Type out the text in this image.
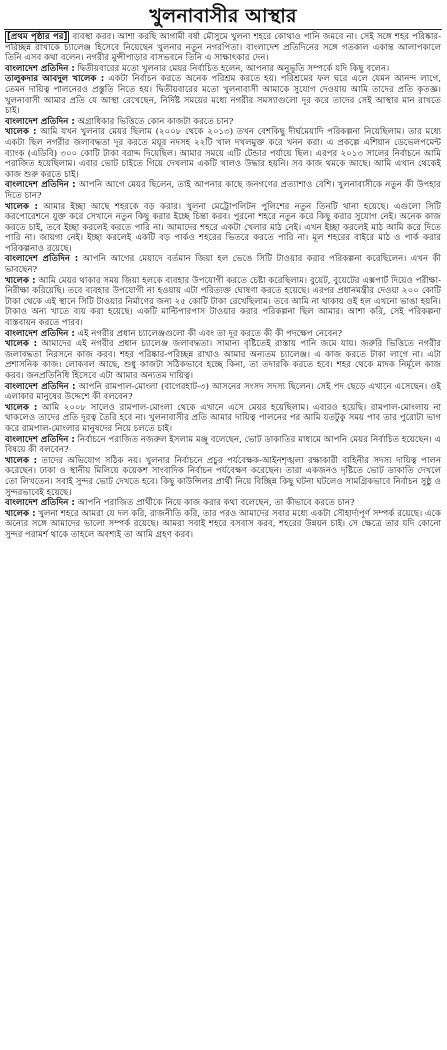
খুলনাবাসীর আস্থার

[প্রথম পৃষ্ঠার পর] ব্যবস্থা করব। আশা করছি আগামী বর্ষা মৌসুমে খুলনা শহরে কোথাও পানি জমবে না। সেই সঙ্গে শহর পরিষ্কার-পরিচ্ছন্ন রাখাকে চ্যালেঞ্জ হিসেবে নিয়েছেন খুলনার নতুন নগরপিতা। বাংলাদেশ প্রতিদিনের সঙ্গে গতকাল একান্ত আলাপকালে তিনি এসব কথা বলেন। নগরীর মুন্সীপাড়ার বাসভবনে তিনি এ সাক্ষাৎকার দেন।

বাংলাদেশ প্রতিদিন : দ্বিতীয়বারের মতো খুলনার মেয়র নির্বাচিত হলেন, আপনার অনুভূতি সম্পর্কে যদি কিছু বলেন।

তালুকদার আবদুল খালেক : একটা নির্বাচন করতে অনেক পরিশ্রম করতে হয়। পরিশ্রমের ফল ঘরে এলে যেমন আনন্দ লাগে, তেমন দায়িত্ব পালনেরও প্রস্তুতি নিতে হয়। দ্বিতীয়বারের মতো খুলনাবাসী আমাকে সুযোগ দেওয়ায় আমি তাদের প্রতি কৃতজ্ঞ। খুলনাবাসী আমার প্রতি যে আস্থা রেখেছেন, নির্দিষ্ট সময়ের মধ্যে নগরীর সমস্যাগুলো দূর করে তাদের সেই আস্থার মান রাখতে চাই।

বাংলাদেশ প্রতিদিন : অগ্রাধিকার ভিত্তিতে কোন কাজটা করতে চান?

খালেক : আমি যখন খুলনার মেয়র ছিলাম (২০০৮ থেকে ২০১৩) তখন বেশকিছু দীর্ঘমেয়াদি পরিকল্পনা নিয়েছিলাম। তার মধ্যে একটা ছিল নগরীর জলাবদ্ধতা দূর করতে ময়ূর নদসহ ২২টি খাল দখলমুক্ত করে খনন করা। এ প্রকল্পে এশিয়ান ডেভেলপমেন্ট ব্যাংক (এডিবি) ৩০০ কোটি টাকা বরাদ্দ দিয়েছিল। আমার সময়ে এটি টেন্ডার পর্যায়ে ছিল। এরপর ২০১৩ সালের নির্বাচনে আমি পরাজিত হয়েছিলাম। এবার ভোট চাইতে গিয়ে দেখলাম একটি খালও উদ্ধার হয়নি। সব কাজ থমকে আছে। আমি এখান থেকেই কাজ শুরু করতে চাই।

বাংলাদেশ প্রতিদিন : আপনি আগে মেয়র ছিলেন, তাই আপনার কাছে জনগণের প্রত্যাশাও বেশি। খুলনাবাসীকে নতুন কী উপহার দিতে চান?

খালেক : আমার ইচ্ছা আছে শহরকে বড় করার। খুলনা মেট্রোপলিটন পুলিশের নতুন তিনটি থানা হয়েছে। এগুলো সিটি করপোরেশনে যুক্ত করে সেখানে নতুন কিছু করার ইচ্ছে চিন্তা করব। পুরনো শহরে নতুন করে কিছু করার সুযোগ নেই। অনেক কাজ করতে চাই, তবে ইচ্ছা করলেই করতে পারি না। আমাদের শহরে একটা খেলার মাঠ নেই। এখন ইচ্ছা করলেই মাঠ আমি করে দিতে পারি না। জায়গা নেই। ইচ্ছা করলেই একটি বড় পার্কও শহরের ভিতরে করতে পারি না। মূল শহরের বাইরে মাঠ ও পার্ক করার পরিকল্পনাও রয়েছে।

বাংলাদেশ প্রতিদিন : আপনি আগের মেয়াদে বর্তমান জিয়া হল ভেঙে সিটি টাওয়ার করার পরিকল্পনা করেছিলেন। এখন কী ভাবছেন?

খালেক : আমি মেয়র থাকার সময় জিয়া হলকে ব্যবহার উপযোগী করতে চেষ্টা করেছিলাম। বুয়েট, বুয়েটের এক্সপার্ট দিয়েও পরীক্ষা-নিরীক্ষা করিয়েছি। তবে ব্যবহার উপযোগী না হওয়ায় এটা পরিত্যক্ত ঘোষণা করতে হয়েছে। এরপর প্রধানমন্ত্রীর দেওয়া ২০০ কোটি টাকা থেকে এই স্থানে সিটি টাওয়ার নির্মাণের জন্য ২৫ কোটি টাকা রেখেছিলাম। তবে আমি না থাকায় ওই হল এখনো ভাঙা হয়নি। টাকাও অন্য খাতে ব্যয় করা হয়েছে। একটি মাল্টিপারপাস টাওয়ার করার পরিকল্পনা ছিল আমার। আশা করি, সেই পরিকল্পনা বাস্তবায়ন করতে পারব।

বাংলাদেশ প্রতিদিন : এই নগরীর প্রধান চ্যালেঞ্জগুলো কী এবং তা দূর করতে কী কী পদক্ষেপ নেবেন?

খালেক : আমাদের এই নগরীর প্রধান চ্যালেঞ্জ জলাবদ্ধতা। সামান্য বৃষ্টিতেই রাস্তায় পানি জমে যায়। জরুরি ভিত্তিতে নগরীর জলাবদ্ধতা নিরসনে কাজ করব। শহর পরিষ্কার-পরিচ্ছন্ন রাখাও আমার অন্যতম চ্যালেঞ্জ। এ কাজ করতে টাকা লাগে না। এটা প্রশাসনিক কাজ। লোকবল আছে, শুধু কাজটা সঠিকভাবে হচ্ছে কিনা, তা তদারকি করতে হবে। শহর থেকে মাদক নির্মূলে কাজ করব। জনপ্রতিনিধি হিসেবে এটা আমার অন্যতম দায়িত্ব।

বাংলাদেশ প্রতিদিন : আপনি রামপাল-মোংলা (বাগেরহাট-৩) আসনের সংসদ সদস্য ছিলেন। সেই পদ ছেড়ে এখানে এসেছেন। ওই এলাকার মানুষের উদ্দেশে কী বলবেন?

খালেক : আমি ২০০৮ সালেও রামপাল-মোংলা থেকে এখানে এসে মেয়র হয়েছিলাম। এবারও হয়েছি। রামপাল-মোংলায় না থাকলেও তাদের প্রতি দূরত্ব তৈরি হবে না। খুলনাবাসীর প্রতি আমার দায়িত্ব পালনের পর আমি যতটুকু সময় পাব তার পুরোটা ভাগ করে রামপাল-মোংলার মানুষদের নিয়ে চলতে চাই।

বাংলাদেশ প্রতিদিন : নির্বাচনে পরাজিত নজরুল ইসলাম মঞ্জু বলেছেন, ভোট ডাকাতির মাধ্যমে আপনি মেয়র নির্বাচিত হয়েছেন। এ বিষয়ে কী বলবেন?

খালেক : তাদের অভিযোগ সঠিক নয়। খুলনার নির্বাচনে প্রচুর পর্যবেক্ষক-আইনশৃঙ্খলা রক্ষাকারী বাহিনীর সদস্য দায়িত্ব পালন করেছেন। ঢাকা ও স্থানীয় মিলিয়ে কয়েকশ সাংবাদিক নির্বাচন পর্যবেক্ষণ করেছেন। তারা একজনও দৃষ্টিতে ভোট ডাকাতি দেখলে তো লিখতেন। সবাই সুন্দর ভোট দেখতে হবে। কিছু কাউন্সিলর প্রার্থী নিয়ে বিচ্ছিন্ন কিছু ঘটনা ঘটলেও সামগ্রিকভাবে নির্বাচন সুষ্ঠু ও সুন্দরভাবেই হয়েছে।

বাংলাদেশ প্রতিদিন : আপনি পরাজিত প্রার্থীকে নিয়ে কাজ করার কথা বলেছেন, তা কীভাবে করতে চান?

খালেক : খুলনা শহরে আমরা যে দল করি, রাজনীতি করি, তার পরও আমাদের সবার মধ্যে একটা সৌহার্দ্যপূর্ণ সম্পর্ক রয়েছে। একে অন্যের সঙ্গে আমাদের ভালো সম্পর্ক রয়েছে। আমরা সবাই শহরে বসবাস করব, শহরের উন্নয়ন চাই। সে ক্ষেত্রে তার যদি কোনো সুন্দর পরামর্শ থাকে তাহলে অবশ্যই তা আমি গ্রহণ করব।
